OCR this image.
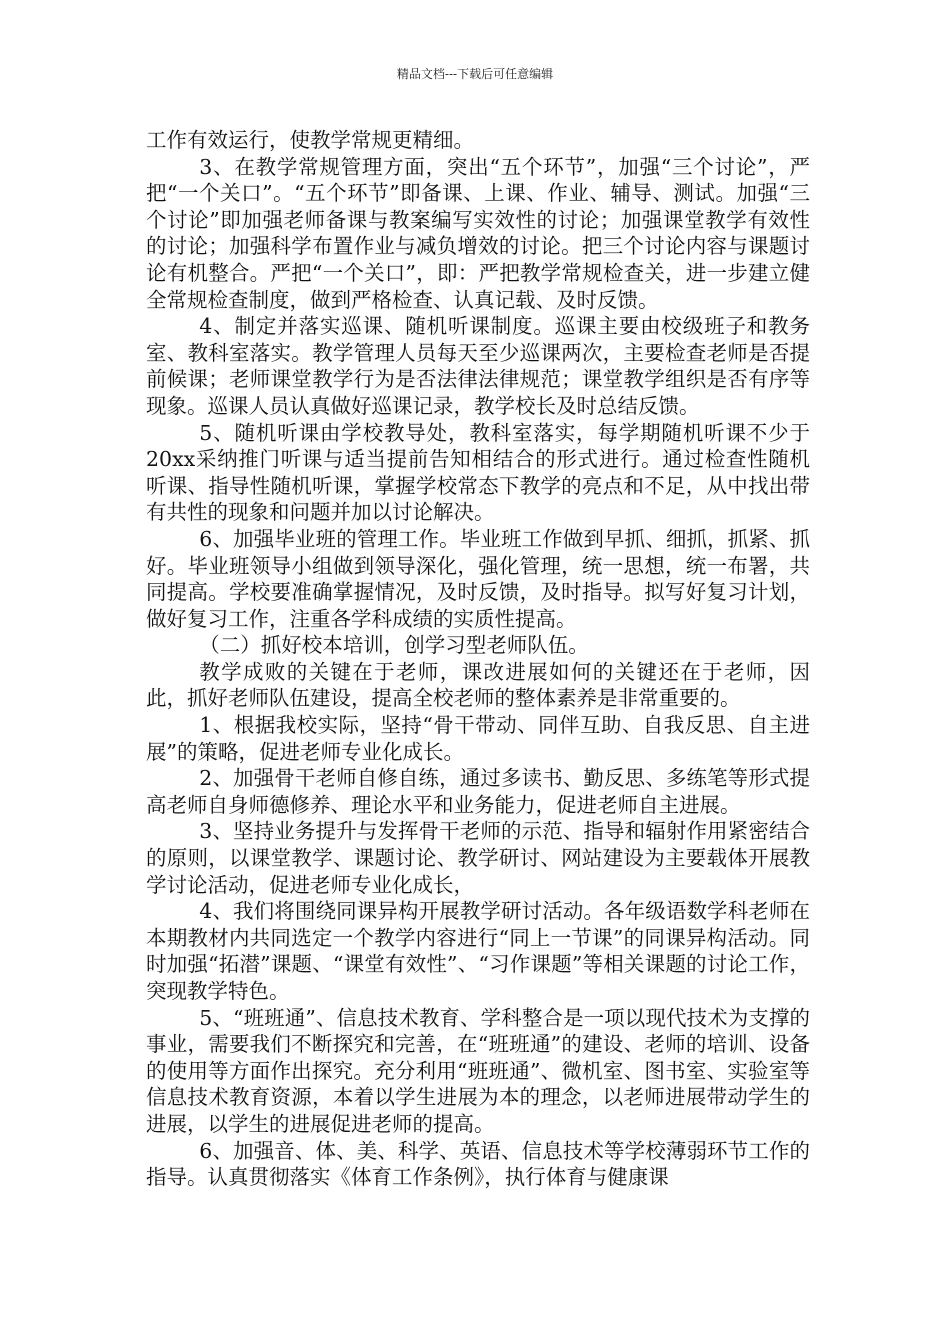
精品文档---下载后可任意编辑

工作有效运行，使教学常规更精细。

3、在教学常规管理方面，突出“五个环节”，加强“三个讨论”，严把“一个关口”。“五个环节”即备课、上课、作业、辅导、测试。加强“三个讨论”即加强老师备课与教案编写实效性的讨论；加强课堂教学有效性的讨论；加强科学布置作业与减负增效的讨论。把三个讨论内容与课题讨论有机整合。严把“一个关口”，即：严把教学常规检查关，进一步建立健全常规检查制度，做到严格检查、认真记载、及时反馈。

4、制定并落实巡课、随机听课制度。巡课主要由校级班子和教务室、教科室落实。教学管理人员每天至少巡课两次，主要检查老师是否提前候课；老师课堂教学行为是否法律法律规范；课堂教学组织是否有序等现象。巡课人员认真做好巡课记录，教学校长及时总结反馈。

5、随机听课由学校教导处，教科室落实，每学期随机听课不少于20xx采纳推门听课与适当提前告知相结合的形式进行。通过检查性随机听课、指导性随机听课，掌握学校常态下教学的亮点和不足，从中找出带有共性的现象和问题并加以讨论解决。

6、加强毕业班的管理工作。毕业班工作做到早抓、细抓，抓紧、抓好。毕业班领导小组做到领导深化，强化管理，统一思想，统一布署，共同提高。学校要准确掌握情况，及时反馈，及时指导。拟写好复习计划，做好复习工作，注重各学科成绩的实质性提高。

（二）抓好校本培训，创学习型老师队伍。

教学成败的关键在于老师，课改进展如何的关键还在于老师，因此，抓好老师队伍建设，提高全校老师的整体素养是非常重要的。

1、根据我校实际，坚持“骨干带动、同伴互助、自我反思、自主进展”的策略，促进老师专业化成长。

2、加强骨干老师自修自练，通过多读书、勤反思、多练笔等形式提高老师自身师德修养、理论水平和业务能力，促进老师自主进展。

3、坚持业务提升与发挥骨干老师的示范、指导和辐射作用紧密结合的原则，以课堂教学、课题讨论、教学研讨、网站建设为主要载体开展教学讨论活动，促进老师专业化成长，

4、我们将围绕同课异构开展教学研讨活动。各年级语数学科老师在本期教材内共同选定一个教学内容进行“同上一节课”的同课异构活动。同时加强“拓潜”课题、“课堂有效性”、“习作课题”等相关课题的讨论工作，突现教学特色。

5、“班班通”、信息技术教育、学科整合是一项以现代技术为支撑的事业，需要我们不断探究和完善，在“班班通”的建设、老师的培训、设备的使用等方面作出探究。充分利用“班班通”、微机室、图书室、实验室等信息技术教育资源，本着以学生进展为本的理念，以老师进展带动学生的进展，以学生的进展促进老师的提高。

6、加强音、体、美、科学、英语、信息技术等学校薄弱环节工作的指导。认真贯彻落实《体育工作条例》，执行体育与健康课
